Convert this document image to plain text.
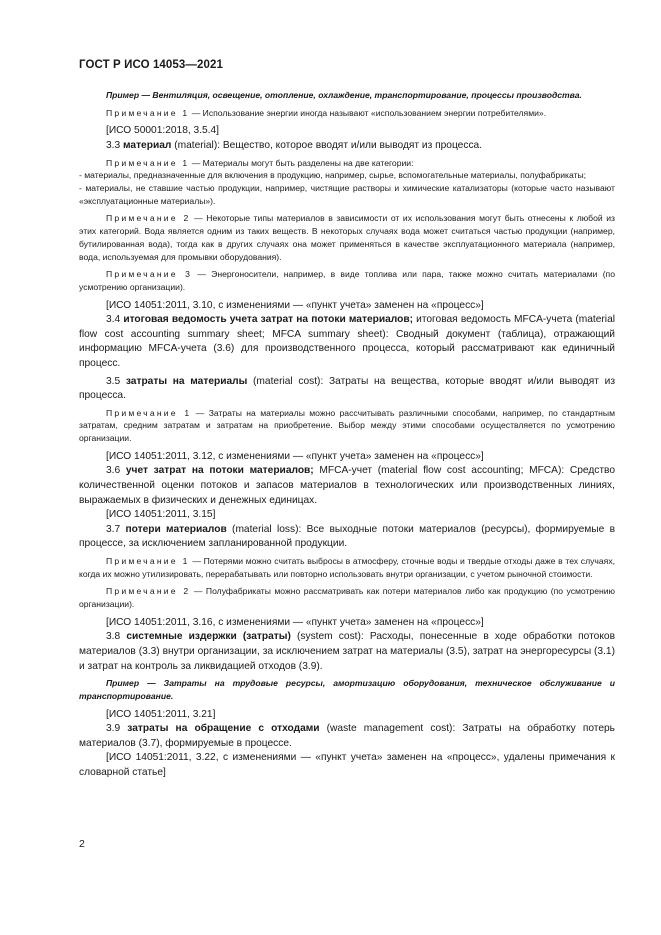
ГОСТ Р ИСО 14053—2021

Пример — Вентиляция, освещение, отопление, охлаждение, транспортирование, процессы производства.

Примечание 1 — Использование энергии иногда называют «использованием энергии потребителями».

[ИСО 50001:2018, 3.5.4]

3.3 материал (material): Вещество, которое вводят и/или выводят из процесса.

Примечание 1 — Материалы могут быть разделены на две категории:

- материалы, предназначенные для включения в продукцию, например, сырье, вспомогательные материалы, полуфабрикаты;

- материалы, не ставшие частью продукции, например, чистящие растворы и химические катализаторы (которые часто называют «эксплуатационные материалы»).

Примечание 2 — Некоторые типы материалов в зависимости от их использования могут быть отнесены к любой из этих категорий. Вода является одним из таких веществ. В некоторых случаях вода может считаться частью продукции (например, бутилированная вода), тогда как в других случаях она может применяться в качестве эксплуатационного материала (например, вода, используемая для промывки оборудования).

Примечание 3 — Энергоносители, например, в виде топлива или пара, также можно считать материалами (по усмотрению организации).

[ИСО 14051:2011, 3.10, с изменениями — «пункт учета» заменен на «процесс»]

3.4 итоговая ведомость учета затрат на потоки материалов; итоговая ведомость MFCA-учета (material flow cost accounting summary sheet; MFCA summary sheet): Сводный документ (таблица), отражающий информацию MFCA-учета (3.6) для производственного процесса, который рассматривают как единичный процесс.

3.5 затраты на материалы (material cost): Затраты на вещества, которые вводят и/или выводят из процесса.

Примечание 1 — Затраты на материалы можно рассчитывать различными способами, например, по стандартным затратам, средним затратам и затратам на приобретение. Выбор между этими способами осуществляется по усмотрению организации.

[ИСО 14051:2011, 3.12, с изменениями — «пункт учета» заменен на «процесс»]

3.6 учет затрат на потоки материалов; MFCA-учет (material flow cost accounting; MFCA): Средство количественной оценки потоков и запасов материалов в технологических или производственных линиях, выражаемых в физических и денежных единицах.

[ИСО 14051:2011, 3.15]

3.7 потери материалов (material loss): Все выходные потоки материалов (ресурсы), формируемые в процессе, за исключением запланированной продукции.

Примечание 1 — Потерями можно считать выбросы в атмосферу, сточные воды и твердые отходы даже в тех случаях, когда их можно утилизировать, перерабатывать или повторно использовать внутри организации, с учетом рыночной стоимости.

Примечание 2 — Полуфабрикаты можно рассматривать как потери материалов либо как продукцию (по усмотрению организации).

[ИСО 14051:2011, 3.16, с изменениями — «пункт учета» заменен на «процесс»]

3.8 системные издержки (затраты) (system cost): Расходы, понесенные в ходе обработки потоков материалов (3.3) внутри организации, за исключением затрат на материалы (3.5), затрат на энергоресурсы (3.1) и затрат на контроль за ликвидацией отходов (3.9).

Пример — Затраты на трудовые ресурсы, амортизацию оборудования, техническое обслуживание и транспортирование.

[ИСО 14051:2011, 3.21]

3.9 затраты на обращение с отходами (waste management cost): Затраты на обработку потерь материалов (3.7), формируемые в процессе.

[ИСО 14051:2011, 3.22, с изменениями — «пункт учета» заменен на «процесс», удалены примечания к словарной статье]

2
